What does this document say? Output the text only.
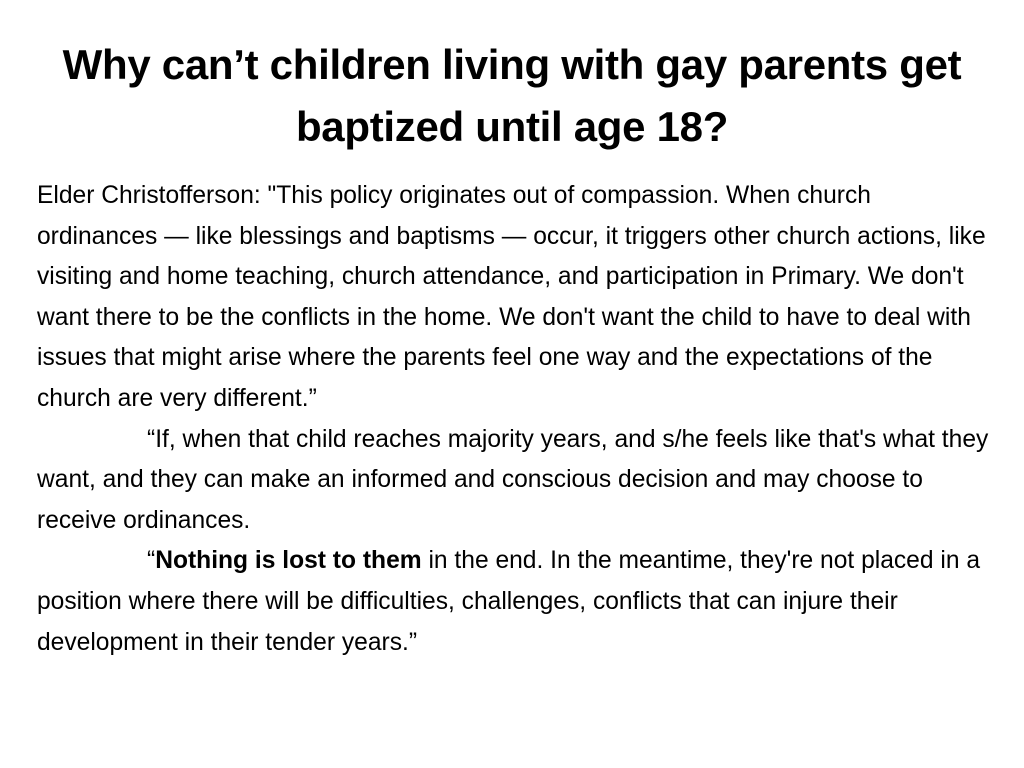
Why can’t children living with gay parents get baptized until age 18?

Elder Christofferson: "This policy originates out of compassion. When church ordinances — like blessings and baptisms — occur, it triggers other church actions, like visiting and home teaching, church attendance, and participation in Primary. We don't want there to be the conflicts in the home. We don't want the child to have to deal with issues that might arise where the parents feel one way and the expectations of the church are very different.”

“If, when that child reaches majority years, and s/he feels like that's what they want, and they can make an informed and conscious decision and may choose to receive ordinances.

“Nothing is lost to them in the end. In the meantime, they're not placed in a position where there will be difficulties, challenges, conflicts that can injure their development in their tender years.”
